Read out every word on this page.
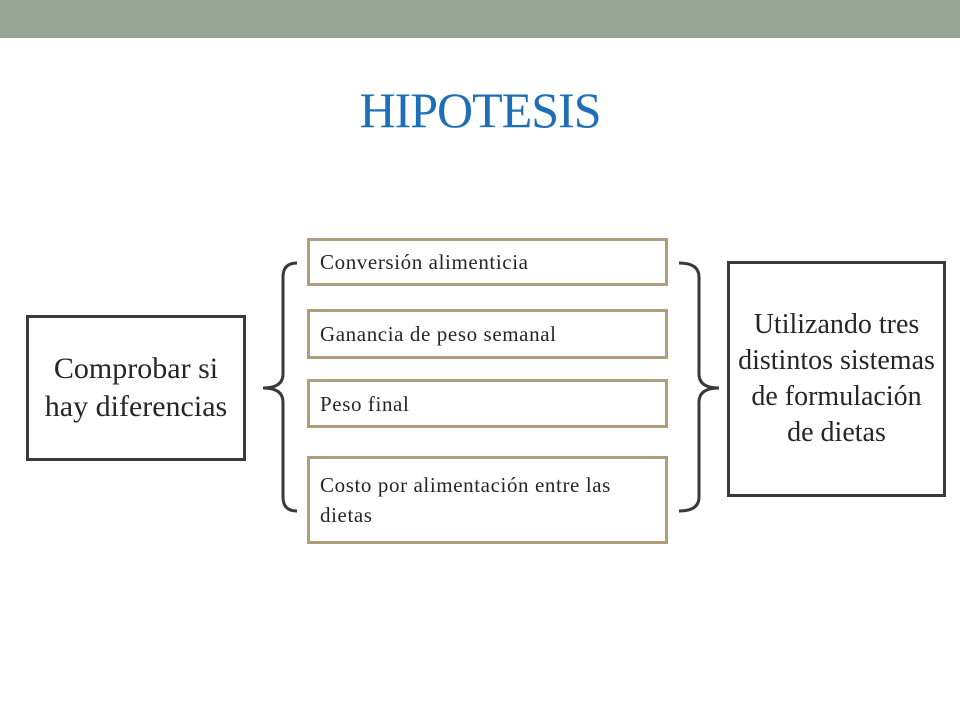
HIPOTESIS
Comprobar si hay diferencias
Conversión alimenticia
Ganancia de peso semanal
Peso final
Costo por alimentación entre las dietas
Utilizando tres distintos sistemas de formulación de dietas
